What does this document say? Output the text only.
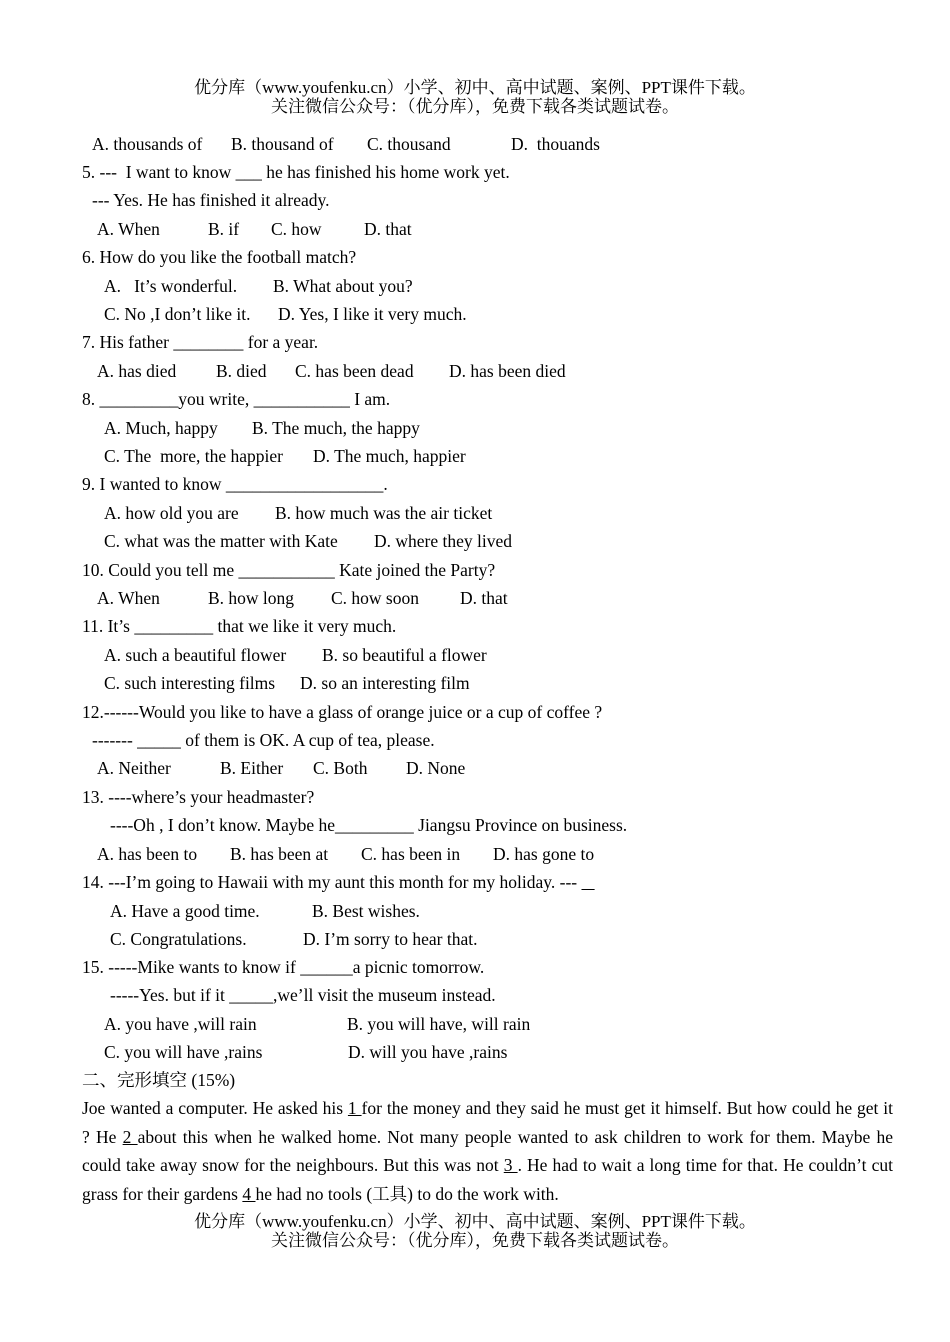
优分库（www.youfenku.cn）小学、初中、高中试题、案例、PPT课件下载。
关注微信公众号：（优分库），免费下载各类试题试卷。

A. thousands of

B. thousand of

C. thousand

	D.  thouands

5. ---  I want to know ___ he has finished his home work yet.
--- Yes. He has finished it already.

A. When

	B. if

C. how

D. that

6. How do you like the football match?

A.   It’s wonderful.

B. What about you?

C. No ,I don’t like it.

D. Yes, I like it very much.

7. His father ________ for a year.

A. has died

B. died

C. has been dead

D. has been died

8. _________you write, ___________ I am.

A. Much, happy

B. The much, the happy

C. The  more, the happier

D. The much, happier

9. I wanted to know __________________.

A. how old you are

B. how much was the air ticket

C. what was the matter with Kate

D. where they lived

10. Could you tell me ___________ Kate joined the Party?

A. When

	B. how long

C. how soon

D. that

11. It’s _________ that we like it very much.

A. such a beautiful flower

B. so beautiful a flower

C. such interesting films

D. so an interesting film

12.------Would you like to have a glass of orange juice or a cup of coffee ?
------- _____ of them is OK. A cup of tea, please.

A. Neither

	B. Either

C. Both

D. None

13. ----where’s your headmaster?
----Oh , I don’t know. Maybe he_________ Jiangsu Province on business.

A. has been to

B. has been at

C. has been in

D. has gone to

14. ---I’m going to Hawaii with my aunt this month for my holiday. ---

A. Have a good time.

	B. Best wishes.

C. Congratulations.

	D. I’m sorry to hear that.

15. -----Mike wants to know if ______a picnic tomorrow.
-----Yes. but if it _____,we’ll visit the museum instead.

A. you have ,will rain

	B. you will have, will rain

C. you will have ,rains

	D. will you have ,rains

二、完形填空 (15%)
Joe wanted a computer. He asked his 1 for the money and they said he must get it himself. But how could he get it ? He 2 about this when he walked home. Not many people wanted to ask children to work for them. Maybe he could take away snow for the neighbours. But this was not 3 . He had to wait a long time for that. He couldn’t cut grass for their gardens 4 he had no tools (工具) to do the work with.
优分库（www.youfenku.cn）小学、初中、高中试题、案例、PPT课件下载。
关注微信公众号：（优分库），免费下载各类试题试卷。
